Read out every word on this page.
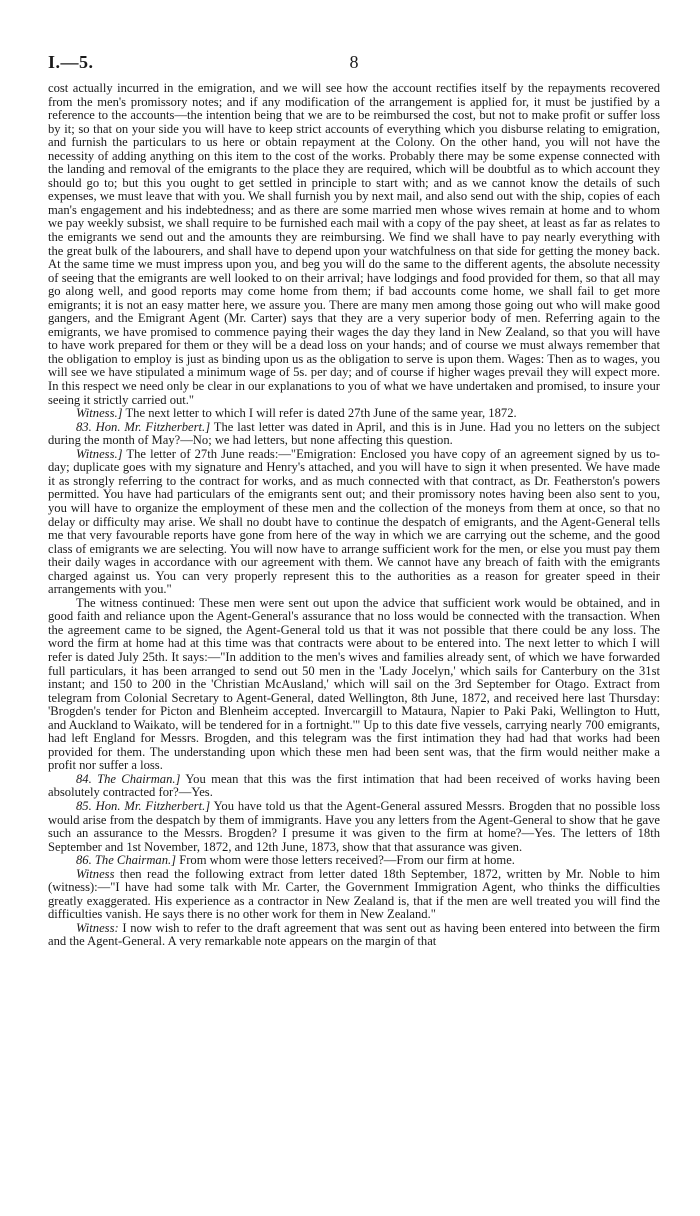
I.—5.	8

cost actually incurred in the emigration, and we will see how the account rectifies itself by the repayments recovered from the men's promissory notes; and if any modification of the arrangement is applied for, it must be justified by a reference to the accounts—the intention being that we are to be reimbursed the cost, but not to make profit or suffer loss by it; so that on your side you will have to keep strict accounts of everything which you disburse relating to emigration, and furnish the particulars to us here or obtain repayment at the Colony. On the other hand, you will not have the necessity of adding anything on this item to the cost of the works. Probably there may be some expense connected with the landing and removal of the emigrants to the place they are required, which will be doubtful as to which account they should go to; but this you ought to get settled in principle to start with; and as we cannot know the details of such expenses, we must leave that with you. We shall furnish you by next mail, and also send out with the ship, copies of each man's engagement and his indebtedness; and as there are some married men whose wives remain at home and to whom we pay weekly subsist, we shall require to be furnished each mail with a copy of the pay sheet, at least as far as relates to the emigrants we send out and the amounts they are reimbursing. We find we shall have to pay nearly everything with the great bulk of the labourers, and shall have to depend upon your watchfulness on that side for getting the money back. At the same time we must impress upon you, and beg you will do the same to the different agents, the absolute necessity of seeing that the emigrants are well looked to on their arrival; have lodgings and food provided for them, so that all may go along well, and good reports may come home from them; if bad accounts come home, we shall fail to get more emigrants; it is not an easy matter here, we assure you. There are many men among those going out who will make good gangers, and the Emigrant Agent (Mr. Carter) says that they are a very superior body of men. Referring again to the emigrants, we have promised to commence paying their wages the day they land in New Zealand, so that you will have to have work prepared for them or they will be a dead loss on your hands; and of course we must always remember that the obligation to employ is just as binding upon us as the obligation to serve is upon them. Wages: Then as to wages, you will see we have stipulated a minimum wage of 5s. per day; and of course if higher wages prevail they will expect more. In this respect we need only be clear in our explanations to you of what we have undertaken and promised, to insure your seeing it strictly carried out."

Witness.] The next letter to which I will refer is dated 27th June of the same year, 1872.

83. Hon. Mr. Fitzherbert.] The last letter was dated in April, and this is in June. Had you no letters on the subject during the month of May?—No; we had letters, but none affecting this question.

Witness.] The letter of 27th June reads:—"Emigration: Enclosed you have copy of an agreement signed by us to-day; duplicate goes with my signature and Henry's attached, and you will have to sign it when presented. We have made it as strongly referring to the contract for works, and as much connected with that contract, as Dr. Featherston's powers permitted. You have had particulars of the emigrants sent out; and their promissory notes having been also sent to you, you will have to organize the employment of these men and the collection of the moneys from them at once, so that no delay or difficulty may arise. We shall no doubt have to continue the despatch of emigrants, and the Agent-General tells me that very favourable reports have gone from here of the way in which we are carrying out the scheme, and the good class of emigrants we are selecting. You will now have to arrange sufficient work for the men, or else you must pay them their daily wages in accordance with our agreement with them. We cannot have any breach of faith with the emigrants charged against us. You can very properly represent this to the authorities as a reason for greater speed in their arrangements with you."

The witness continued: These men were sent out upon the advice that sufficient work would be obtained, and in good faith and reliance upon the Agent-General's assurance that no loss would be connected with the transaction. When the agreement came to be signed, the Agent-General told us that it was not possible that there could be any loss. The word the firm at home had at this time was that contracts were about to be entered into. The next letter to which I will refer is dated July 25th. It says:—"In addition to the men's wives and families already sent, of which we have forwarded full particulars, it has been arranged to send out 50 men in the 'Lady Jocelyn,' which sails for Canterbury on the 31st instant; and 150 to 200 in the 'Christian McAusland,' which will sail on the 3rd September for Otago. Extract from telegram from Colonial Secretary to Agent-General, dated Wellington, 8th June, 1872, and received here last Thursday: 'Brogden's tender for Picton and Blenheim accepted. Invercargill to Mataura, Napier to Paki Paki, Wellington to Hutt, and Auckland to Waikato, will be tendered for in a fortnight.'" Up to this date five vessels, carrying nearly 700 emigrants, had left England for Messrs. Brogden, and this telegram was the first intimation they had had that works had been provided for them. The understanding upon which these men had been sent was, that the firm would neither make a profit nor suffer a loss.

84. The Chairman.] You mean that this was the first intimation that had been received of works having been absolutely contracted for?—Yes.

85. Hon. Mr. Fitzherbert.] You have told us that the Agent-General assured Messrs. Brogden that no possible loss would arise from the despatch by them of immigrants. Have you any letters from the Agent-General to show that he gave such an assurance to the Messrs. Brogden? I presume it was given to the firm at home?—Yes. The letters of 18th September and 1st November, 1872, and 12th June, 1873, show that that assurance was given.

86. The Chairman.] From whom were those letters received?—From our firm at home.

Witness then read the following extract from letter dated 18th September, 1872, written by Mr. Noble to him (witness):—"I have had some talk with Mr. Carter, the Government Immigration Agent, who thinks the difficulties greatly exaggerated. His experience as a contractor in New Zealand is, that if the men are well treated you will find the difficulties vanish. He says there is no other work for them in New Zealand."

Witness: I now wish to refer to the draft agreement that was sent out as having been entered into between the firm and the Agent-General. A very remarkable note appears on the margin of that
